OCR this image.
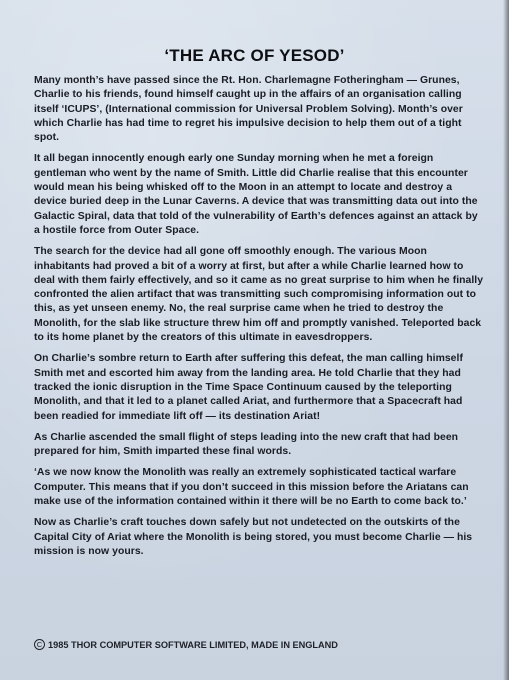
‘THE ARC OF YESOD’

Many month’s have passed since the Rt. Hon. Charlemagne Fotheringham — Grunes, Charlie to his friends, found himself caught up in the affairs of an organisation calling itself ‘ICUPS’, (International commission for Universal Problem Solving). Month’s over which Charlie has had time to regret his impulsive decision to help them out of a tight spot.

It all began innocently enough early one Sunday morning when he met a foreign gentleman who went by the name of Smith. Little did Charlie realise that this encounter would mean his being whisked off to the Moon in an attempt to locate and destroy a device buried deep in the Lunar Caverns. A device that was transmitting data out into the Galactic Spiral, data that told of the vulnerability of Earth’s defences against an attack by a hostile force from Outer Space.

The search for the device had all gone off smoothly enough. The various Moon inhabitants had proved a bit of a worry at first, but after a while Charlie learned how to deal with them fairly effectively, and so it came as no great surprise to him when he finally confronted the alien artifact that was transmitting such compromising information out to this, as yet unseen enemy. No, the real surprise came when he tried to destroy the Monolith, for the slab like structure threw him off and promptly vanished. Teleported back to its home planet by the creators of this ultimate in eavesdroppers.

On Charlie’s sombre return to Earth after suffering this defeat, the man calling himself Smith met and escorted him away from the landing area. He told Charlie that they had tracked the ionic disruption in the Time Space Continuum caused by the teleporting Monolith, and that it led to a planet called Ariat, and furthermore that a Spacecraft had been readied for immediate lift off — its destination Ariat!

As Charlie ascended the small flight of steps leading into the new craft that had been prepared for him, Smith imparted these final words.

‘As we now know the Monolith was really an extremely sophisticated tactical warfare Computer. This means that if you don’t succeed in this mission before the Ariatans can make use of the information contained within it there will be no Earth to come back to.’

Now as Charlie’s craft touches down safely but not undetected on the outskirts of the Capital City of Ariat where the Monolith is being stored, you must become Charlie — his mission is now yours.

C 1985 THOR COMPUTER SOFTWARE LIMITED, MADE IN ENGLAND
